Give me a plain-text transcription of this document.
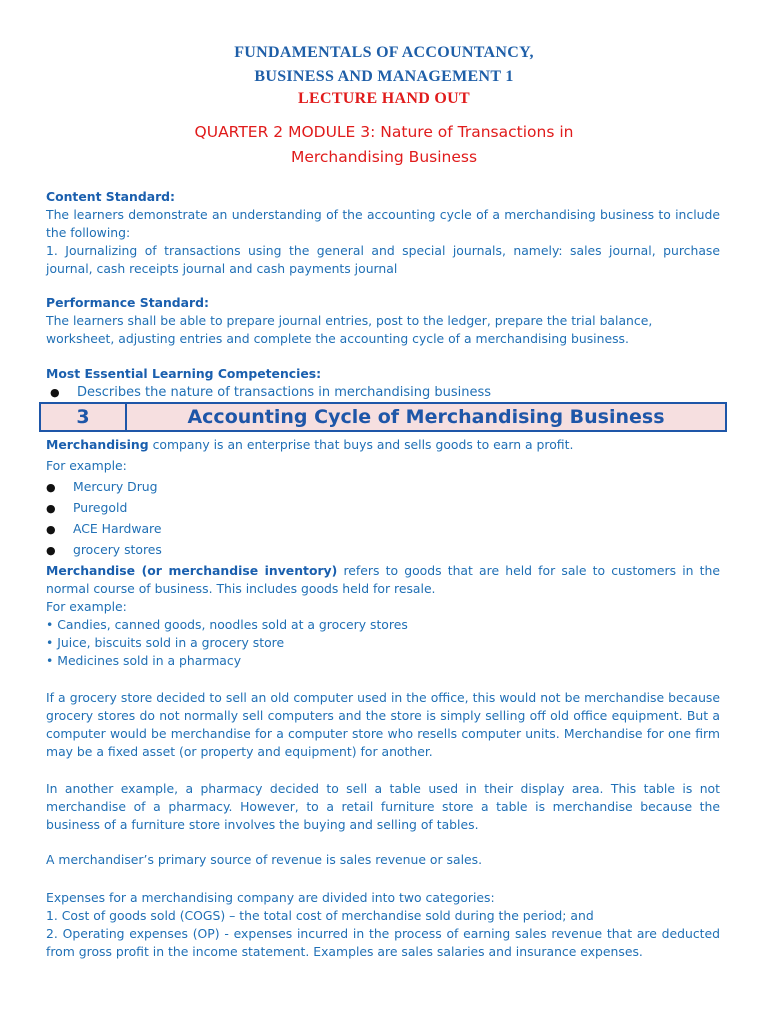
FUNDAMENTALS OF ACCOUNTANCY,
BUSINESS AND MANAGEMENT 1
LECTURE HAND OUT
QUARTER 2 MODULE 3: Nature of Transactions in
Merchandising Business
Content Standard:
The learners demonstrate an understanding of the accounting cycle of a merchandising business to include the following:
1. Journalizing of transactions using the general and special journals, namely: sales journal, purchase journal, cash receipts journal and cash payments journal
Performance Standard:
The learners shall be able to prepare journal entries, post to the ledger, prepare the trial balance, worksheet, adjusting entries and complete the accounting cycle of a merchandising business.
Most Essential Learning Competencies:
● Describes the nature of transactions in merchandising business
3	Accounting Cycle of Merchandising Business
Merchandising company is an enterprise that buys and sells goods to earn a profit.
For example:
● Mercury Drug
● Puregold
● ACE Hardware
● grocery stores
Merchandise (or merchandise inventory) refers to goods that are held for sale to customers in the normal course of business. This includes goods held for resale.
For example:
• Candies, canned goods, noodles sold at a grocery stores
• Juice, biscuits sold in a grocery store
• Medicines sold in a pharmacy
If a grocery store decided to sell an old computer used in the office, this would not be merchandise because grocery stores do not normally sell computers and the store is simply selling off old office equipment. But a computer would be merchandise for a computer store who resells computer units. Merchandise for one firm may be a fixed asset (or property and equipment) for another.
In another example, a pharmacy decided to sell a table used in their display area. This table is not merchandise of a pharmacy. However, to a retail furniture store a table is merchandise because the business of a furniture store involves the buying and selling of tables.
A merchandiser’s primary source of revenue is sales revenue or sales.
Expenses for a merchandising company are divided into two categories:
1. Cost of goods sold (COGS) – the total cost of merchandise sold during the period; and
2. Operating expenses (OP) - expenses incurred in the process of earning sales revenue that are deducted from gross profit in the income statement. Examples are sales salaries and insurance expenses.
